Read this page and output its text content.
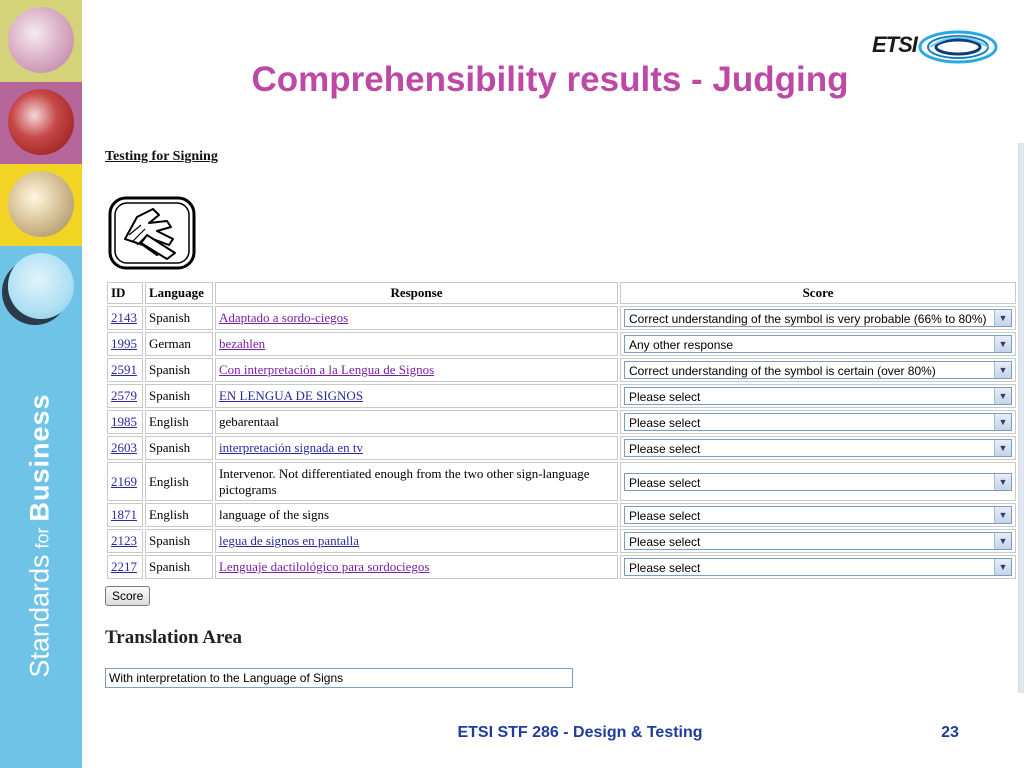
StandardsforBusiness
Comprehensibility results - Judging
ETSI
Testing for Signing
ID	Language	Response	Score
2143	Spanish	Adaptado a sordo-ciegos	Correct understanding of the symbol is very probable (66% to 80%) ▼

1995	German	bezahlen	Any other response ▼

2591	Spanish	Con interpretación a la Lengua de Signos	Correct understanding of the symbol is certain (over 80%) ▼

2579	Spanish	EN LENGUA DE SIGNOS	Please select ▼

1985	English	gebarentaal	Please select ▼

2603	Spanish	interpretación signada en tv	Please select ▼

2169	English	Intervenor. Not differentiated enough from the two other sign-language pictograms	Please select ▼

1871	English	language of the signs	Please select ▼

2123	Spanish	legua de signos en pantalla	Please select ▼

2217	Spanish	Lenguaje dactilológico para sordociegos	Please select ▼
Score
Translation Area
With interpretation to the Language of Signs
ETSI STF 286 - Design & Testing	23
